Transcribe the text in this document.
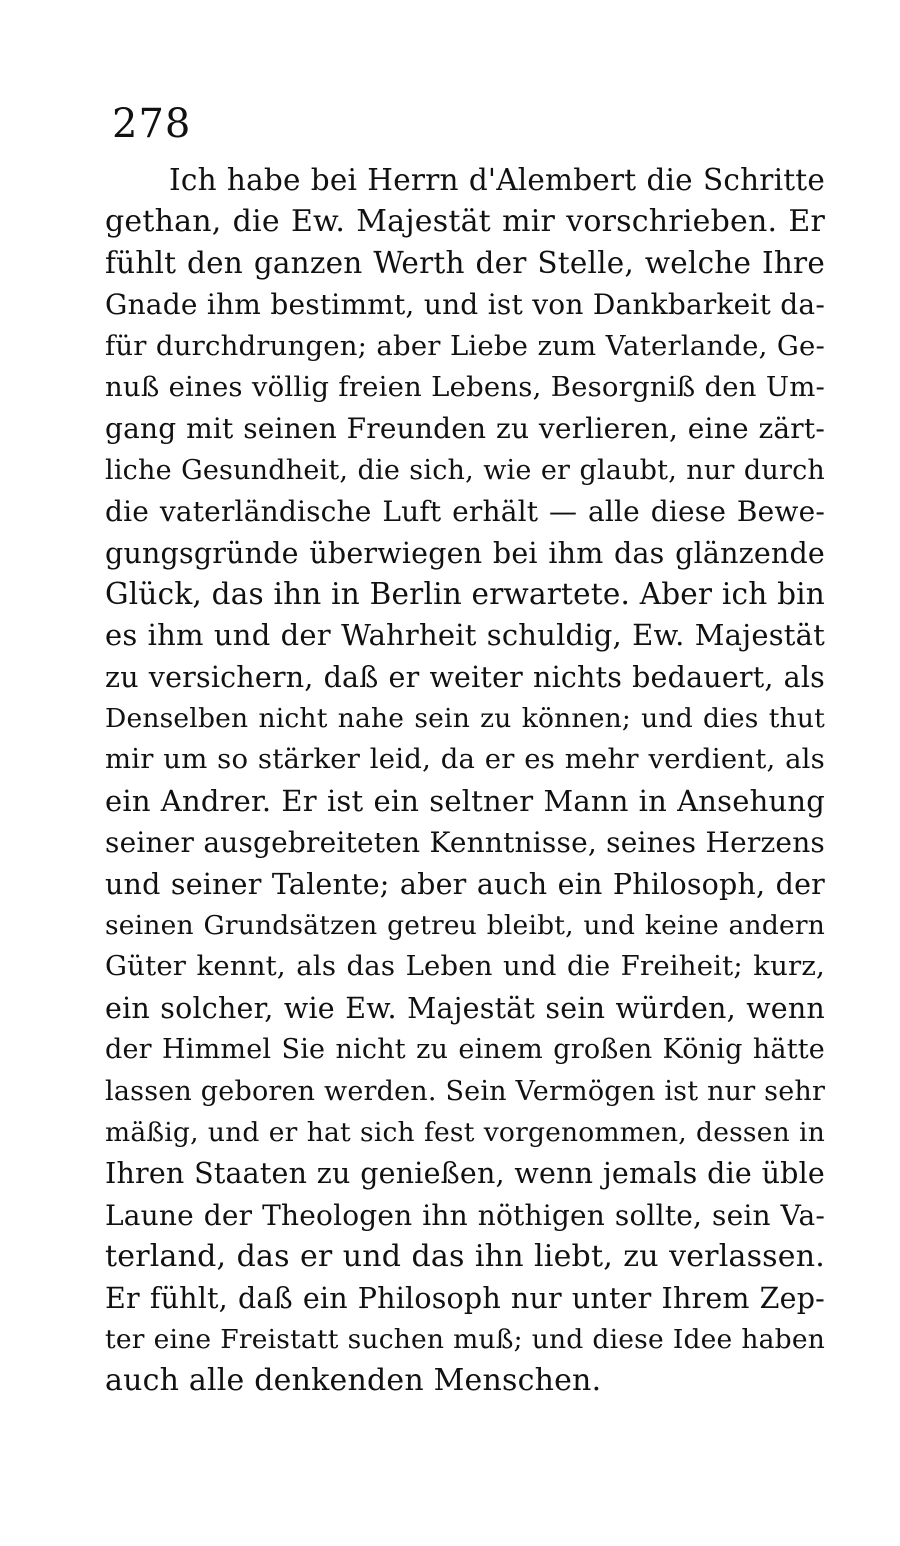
278
Ich habe bei Herrn d'Alembert die Schritte
gethan, die Ew. Majestät mir vorschrieben. Er
fühlt den ganzen Werth der Stelle, welche Ihre
Gnade ihm bestimmt, und ist von Dankbarkeit da-
für durchdrungen; aber Liebe zum Vaterlande, Ge-
nuß eines völlig freien Lebens, Besorgniß den Um-
gang mit seinen Freunden zu verlieren, eine zärt-
liche Gesundheit, die sich, wie er glaubt, nur durch
die vaterländische Luft erhält — alle diese Bewe-
gungsgründe überwiegen bei ihm das glänzende
Glück, das ihn in Berlin erwartete. Aber ich bin
es ihm und der Wahrheit schuldig, Ew. Majestät
zu versichern, daß er weiter nichts bedauert, als
Denselben nicht nahe sein zu können; und dies thut
mir um so stärker leid, da er es mehr verdient, als
ein Andrer. Er ist ein seltner Mann in Ansehung
seiner ausgebreiteten Kenntnisse, seines Herzens
und seiner Talente; aber auch ein Philosoph, der
seinen Grundsätzen getreu bleibt, und keine andern
Güter kennt, als das Leben und die Freiheit; kurz,
ein solcher, wie Ew. Majestät sein würden, wenn
der Himmel Sie nicht zu einem großen König hätte
lassen geboren werden. Sein Vermögen ist nur sehr
mäßig, und er hat sich fest vorgenommen, dessen in
Ihren Staaten zu genießen, wenn jemals die üble
Laune der Theologen ihn nöthigen sollte, sein Va-
terland, das er und das ihn liebt, zu verlassen.
Er fühlt, daß ein Philosoph nur unter Ihrem Zep-
ter eine Freistatt suchen muß; und diese Idee haben
auch alle denkenden Menschen.
